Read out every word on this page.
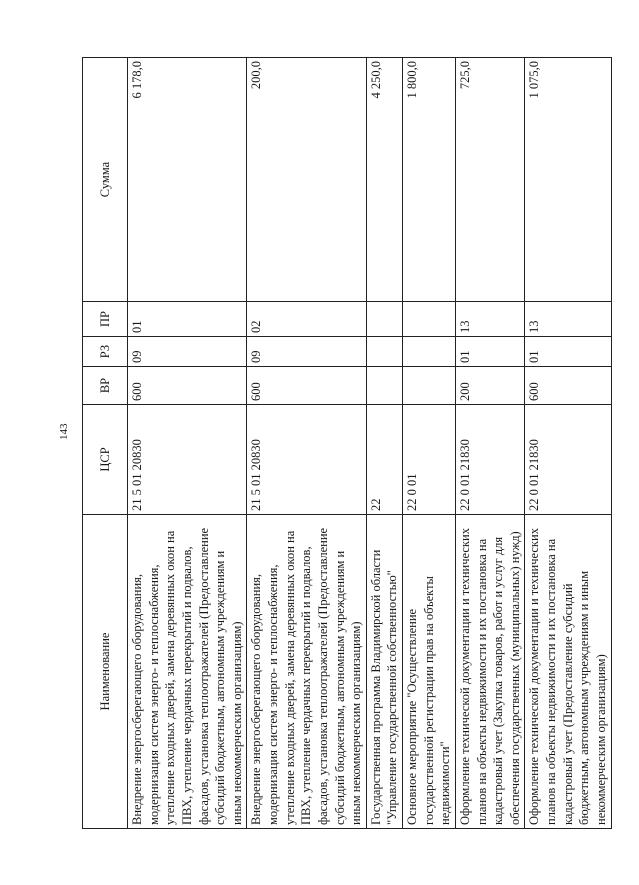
143
Наименование	ЦСР	ВР	РЗ	ПР	Сумма
Внедрение энергосберегающего оборудования, модернизация систем энерго- и теплоснабжения, утепление входных дверей, замена деревянных окон на ПВХ, утепление чердачных перекрытий и подвалов, фасадов, установка теплоотражателей (Предоставление субсидий бюджетным, автономным учреждениям и иным некоммерческим организациям)	21 5 01 20830	600	09	01	6 178,0
Внедрение энергосберегающего оборудования, модернизация систем энерго- и теплоснабжения, утепление входных дверей, замена деревянных окон на ПВХ, утепление чердачных перекрытий и подвалов, фасадов, установка теплоотражателей (Предоставление субсидий бюджетным, автономным учреждениям и иным некоммерческим организациям)	21 5 01 20830	600	09	02	200,0
Государственная программа Владимирской области "Управление государственной собственностью"	22				4 250,0
Основное мероприятие "Осуществление государственной регистрации прав на объекты недвижимости"	22 0 01				1 800,0
Оформление технической документации и технических планов на объекты недвижимости и их постановка на кадастровый учет (Закупка товаров, работ и услуг для обеспечения государственных (муниципальных) нужд)	22 0 01 21830	200	01	13	725,0
Оформление технической документации и технических планов на объекты недвижимости и их постановка на кадастровый учет (Предоставление субсидий бюджетным, автономным учреждениям и иным некоммерческим организациям)	22 0 01 21830	600	01	13	1 075,0
